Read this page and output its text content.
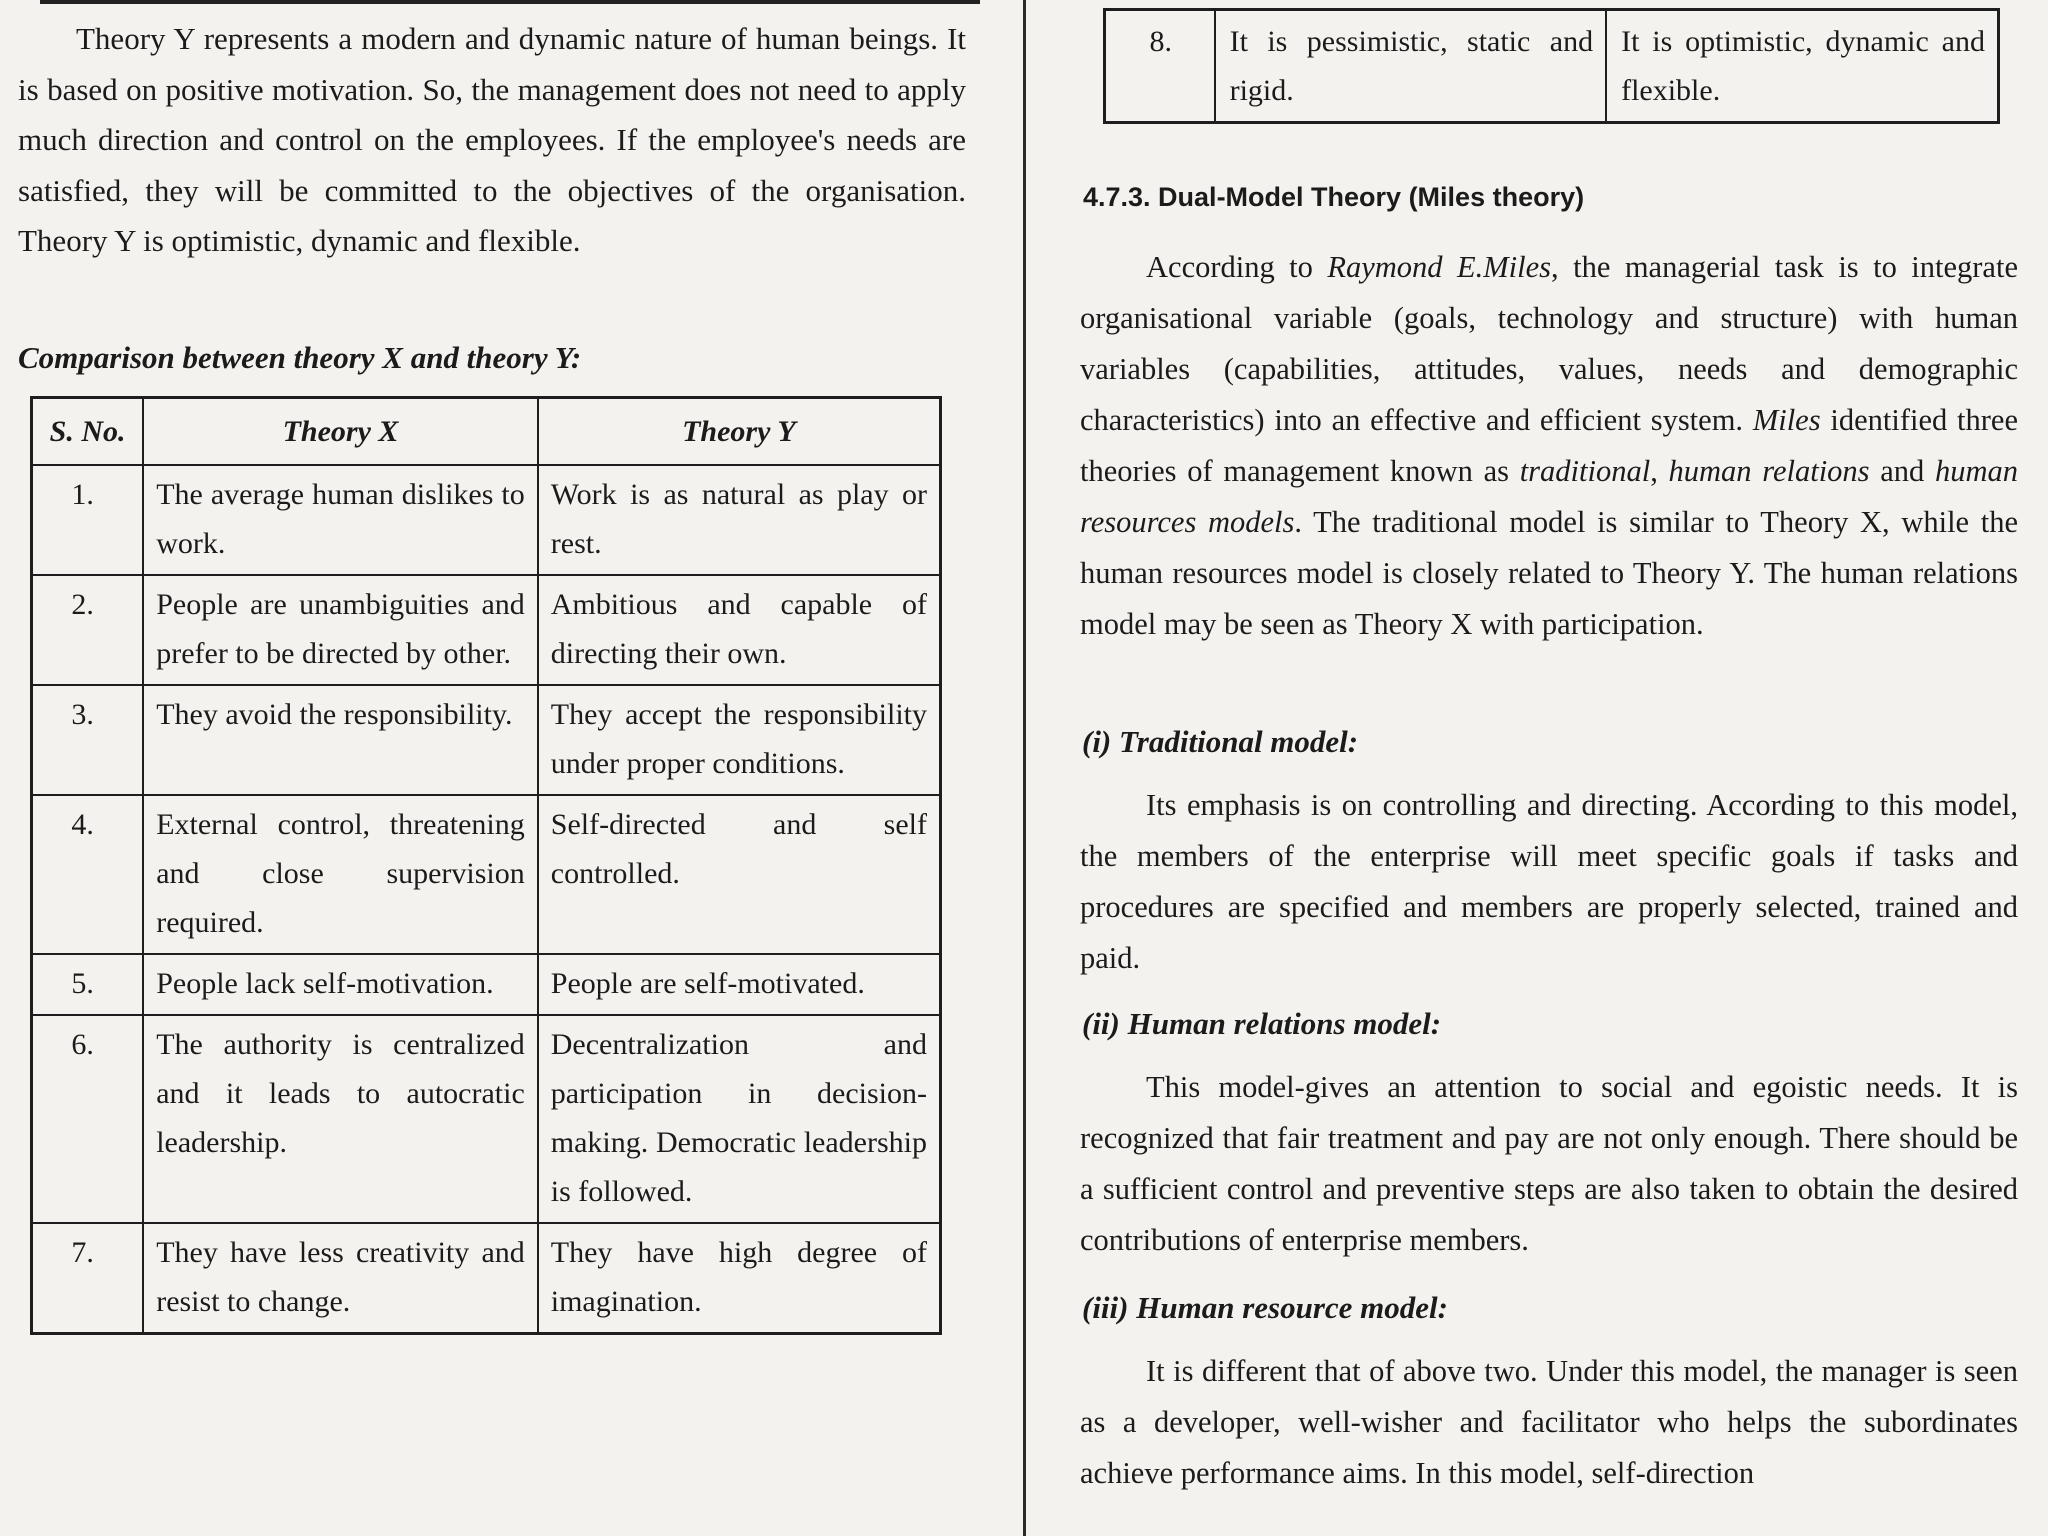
Theory Y represents a modern and dynamic nature of human beings. It is based on positive motivation. So, the management does not need to apply much direction and control on the employees. If the employee's needs are satisfied, they will be committed to the objectives of the organisation. Theory Y is optimistic, dynamic and flexible.

Comparison between theory X and theory Y:
S. No.	Theory X	Theory Y
1.	The average human dislikes to work.	Work is as natural as play or rest.
2.	People are unambiguities and prefer to be directed by other.	Ambitious and capable of directing their own.
3.	They avoid the responsibility.	They accept the responsibility under proper conditions.
4.	External control, threatening and close supervision required.	Self-directed and self controlled.
5.	People lack self-motivation.	People are self-motivated.
6.	The authority is centralized and it leads to autocratic leadership.	Decentralization and participation in decision-making. Democratic leadership is followed.
7.	They have less creativity and resist to change.	They have high degree of imagination.
8.	It is pessimistic, static and rigid.	It is optimistic, dynamic and flexible.
4.7.3. Dual-Model Theory (Miles theory)

According to Raymond E.Miles, the managerial task is to integrate organisational variable (goals, technology and structure) with human variables (capabilities, attitudes, values, needs and demographic characteristics) into an effective and efficient system. Miles identified three theories of management known as traditional, human relations and human resources models. The traditional model is similar to Theory X, while the human resources model is closely related to Theory Y. The human relations model may be seen as Theory X with participation.

(i) Traditional model:

Its emphasis is on controlling and directing. According to this model, the members of the enterprise will meet specific goals if tasks and procedures are specified and members are properly selected, trained and paid.

(ii) Human relations model:

This model-gives an attention to social and egoistic needs. It is recognized that fair treatment and pay are not only enough. There should be a sufficient control and preventive steps are also taken to obtain the desired contributions of enterprise members.

(iii) Human resource model:

It is different that of above two. Under this model, the manager is seen as a developer, well-wisher and facilitator who helps the subordinates achieve performance aims. In this model, self-direction
